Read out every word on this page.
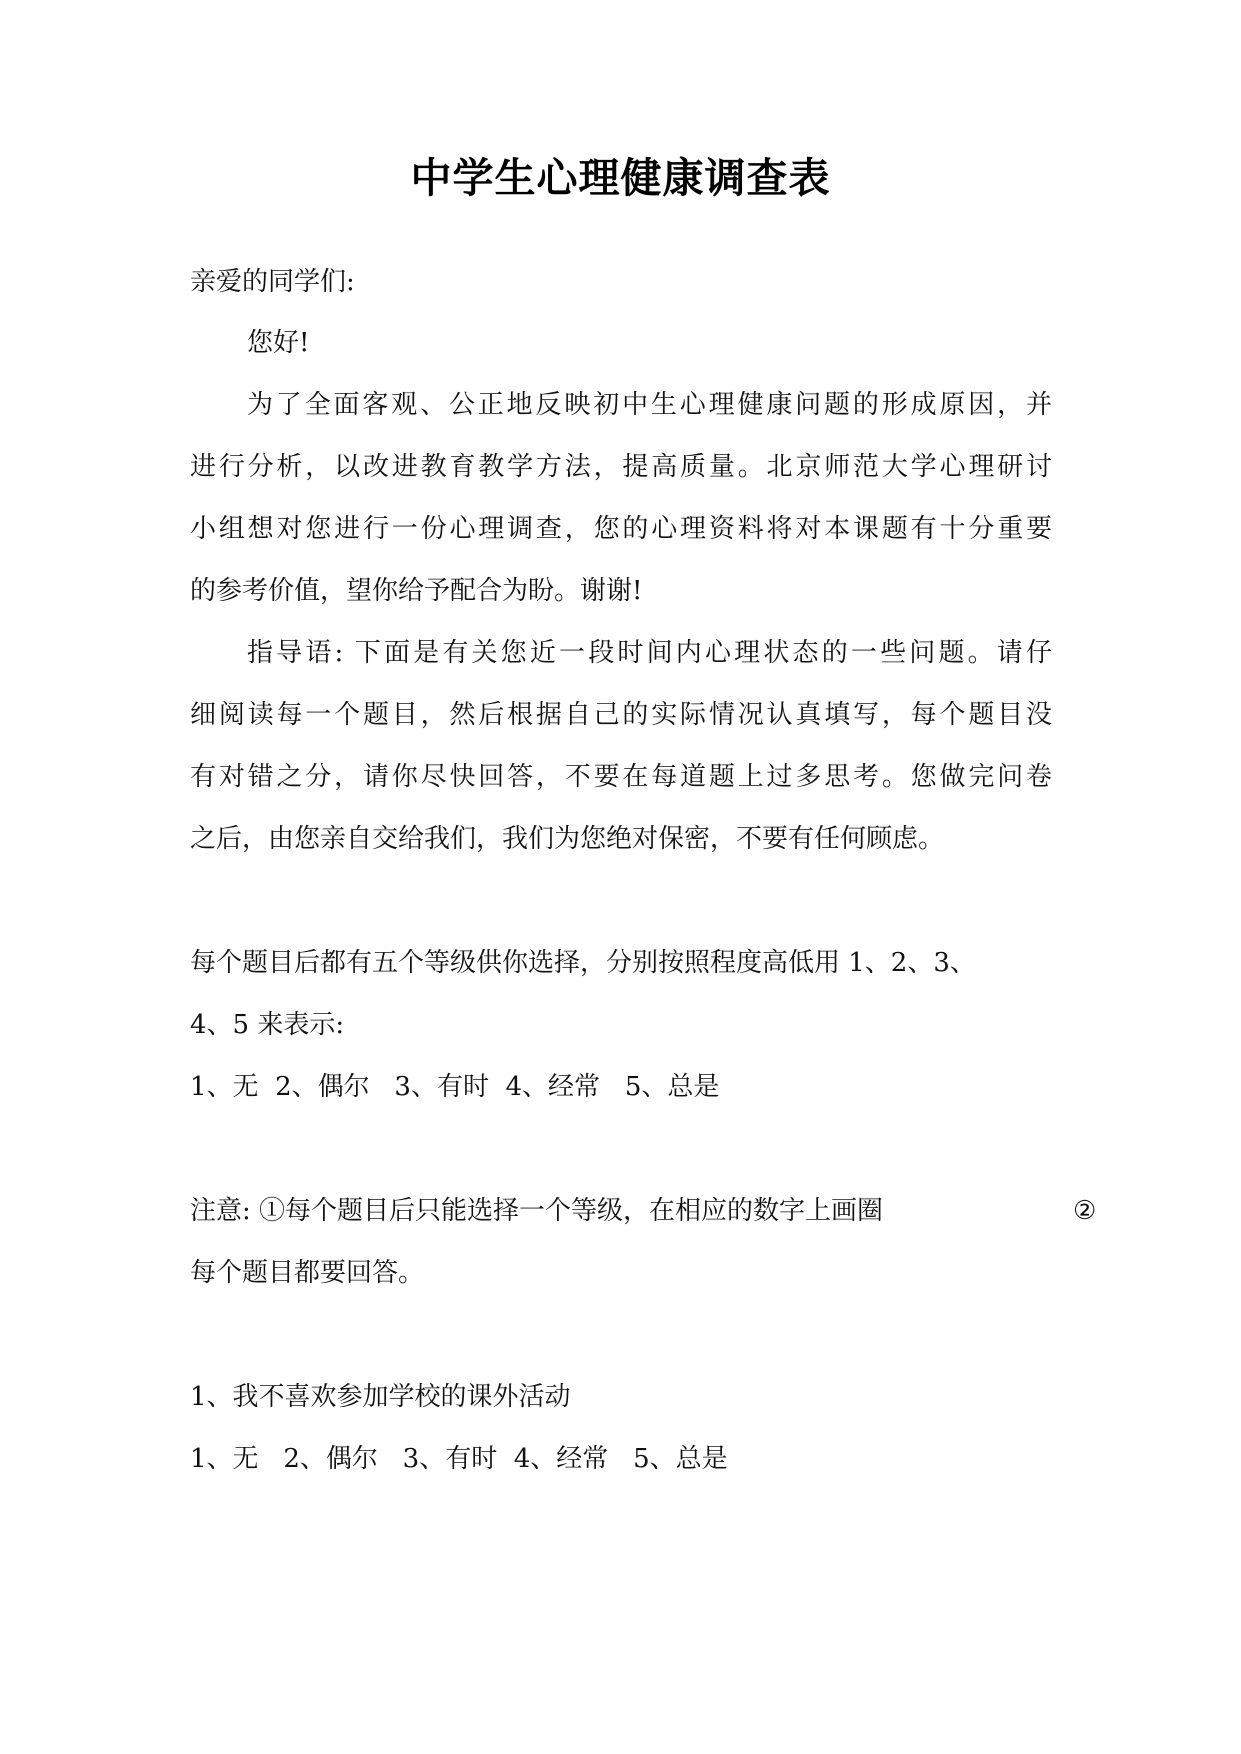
中学生心理健康调查表
亲爱的同学们:
您好!
为了全面客观、公正地反映初中生心理健康问题的形成原因，并
进行分析，以改进教育教学方法，提高质量。北京师范大学心理研讨
小组想对您进行一份心理调查，您的心理资料将对本课题有十分重要
的参考价值，望你给予配合为盼。谢谢!
指导语: 下面是有关您近一段时间内心理状态的一些问题。请仔
细阅读每一个题目，然后根据自己的实际情况认真填写，每个题目没
有对错之分，请你尽快回答，不要在每道题上过多思考。您做完问卷
之后，由您亲自交给我们，我们为您绝对保密，不要有任何顾虑。
每个题目后都有五个等级供你选择，分别按照程度高低用 1、2、3、
4、5 来表示:
1、无  2、偶尔   3、有时  4、经常   5、总是
注意: ①每个题目后只能选择一个等级，在相应的数字上画圈	②
每个题目都要回答。
1、我不喜欢参加学校的课外活动
1、无   2、偶尔   3、有时  4、经常   5、总是
